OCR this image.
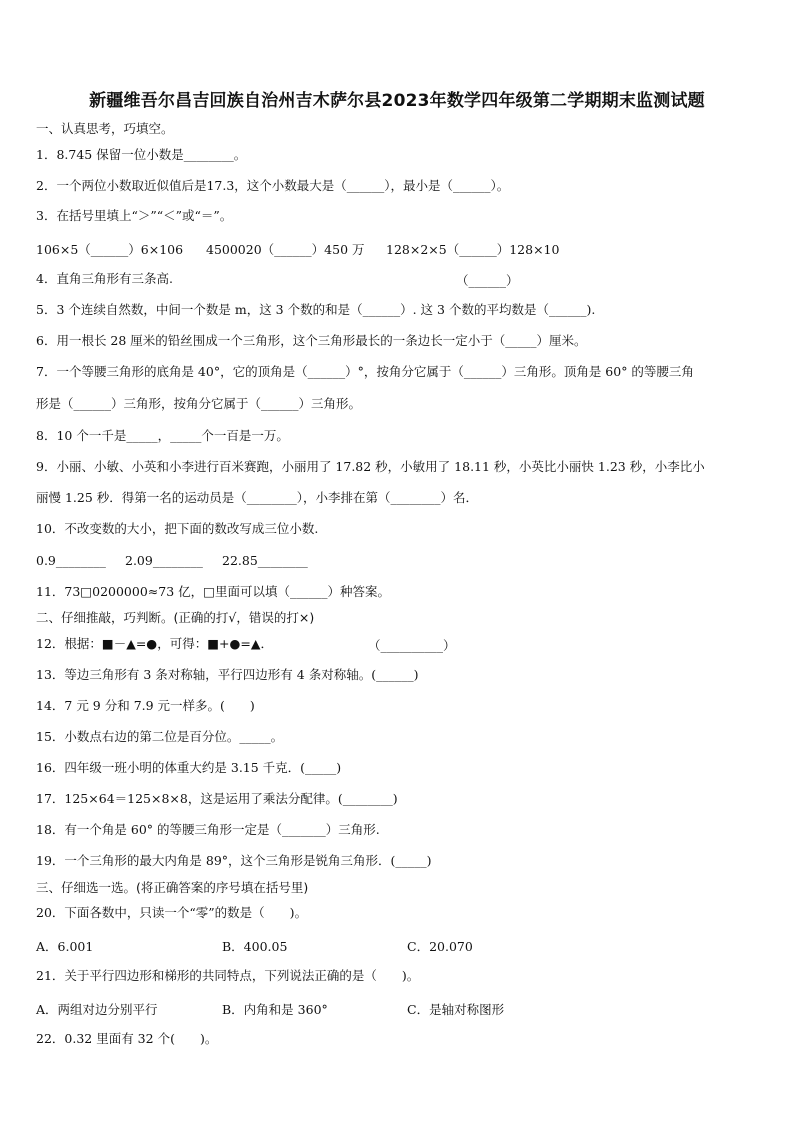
新疆维吾尔昌吉回族自治州吉木萨尔县2023年数学四年级第二学期期末监测试题
一、认真思考，巧填空。
1．8.745 保留一位小数是________。
2．一个两位小数取近似值后是17.3，这个小数最大是（______），最小是（______）。
3．在括号里填上“＞”“＜”或“＝”。
106×5（______）6×106 4500020（______）450 万 128×2×5（______）128×10
4．直角三角形有三条高.	（______）
5．3 个连续自然数，中间一个数是 m，这 3 个数的和是（______）. 这 3 个数的平均数是（______).
6．用一根长 28 厘米的铅丝围成一个三角形，这个三角形最长的一条边长一定小于（_____）厘米。
7．一个等腰三角形的底角是 40°，它的顶角是（______）°，按角分它属于（______）三角形。顶角是 60° 的等腰三角
形是（______）三角形，按角分它属于（______）三角形。
8．10 个一千是_____，_____个一百是一万。
9．小丽、小敏、小英和小李进行百米赛跑，小丽用了 17.82 秒，小敏用了 18.11 秒，小英比小丽快 1.23 秒，小李比小
丽慢 1.25 秒．得第一名的运动员是（________），小李排在第（________）名．
10．不改变数的大小，把下面的数改写成三位小数.
0.9________ 2.09________ 22.85________
11．73□0200000≈73 亿，□里面可以填（______）种答案。
二、仔细推敲，巧判断。(正确的打√，错误的打×)
12．根据：■－▲=●，可得：■+●=▲．	（__________）
13．等边三角形有 3 条对称轴，平行四边形有 4 条对称轴。(______)
14．7 元 9 分和 7.9 元一样多。(　　)
15．小数点右边的第二位是百分位。_____。
16．四年级一班小明的体重大约是 3.15 千克．(_____)
17．125×64＝125×8×8，这是运用了乘法分配律。(________)
18．有一个角是 60° 的等腰三角形一定是（_______）三角形.
19．一个三角形的最大内角是 89°，这个三角形是锐角三角形．(_____)
三、仔细选一选。(将正确答案的序号填在括号里)
20．下面各数中，只读一个“零”的数是（　　)。
A．6.001	B．400.05	C．20.070
21．关于平行四边形和梯形的共同特点，下列说法正确的是（　　)。
A．两组对边分别平行	B．内角和是 360°	C．是轴对称图形
22．0.32 里面有 32 个(　　)。
